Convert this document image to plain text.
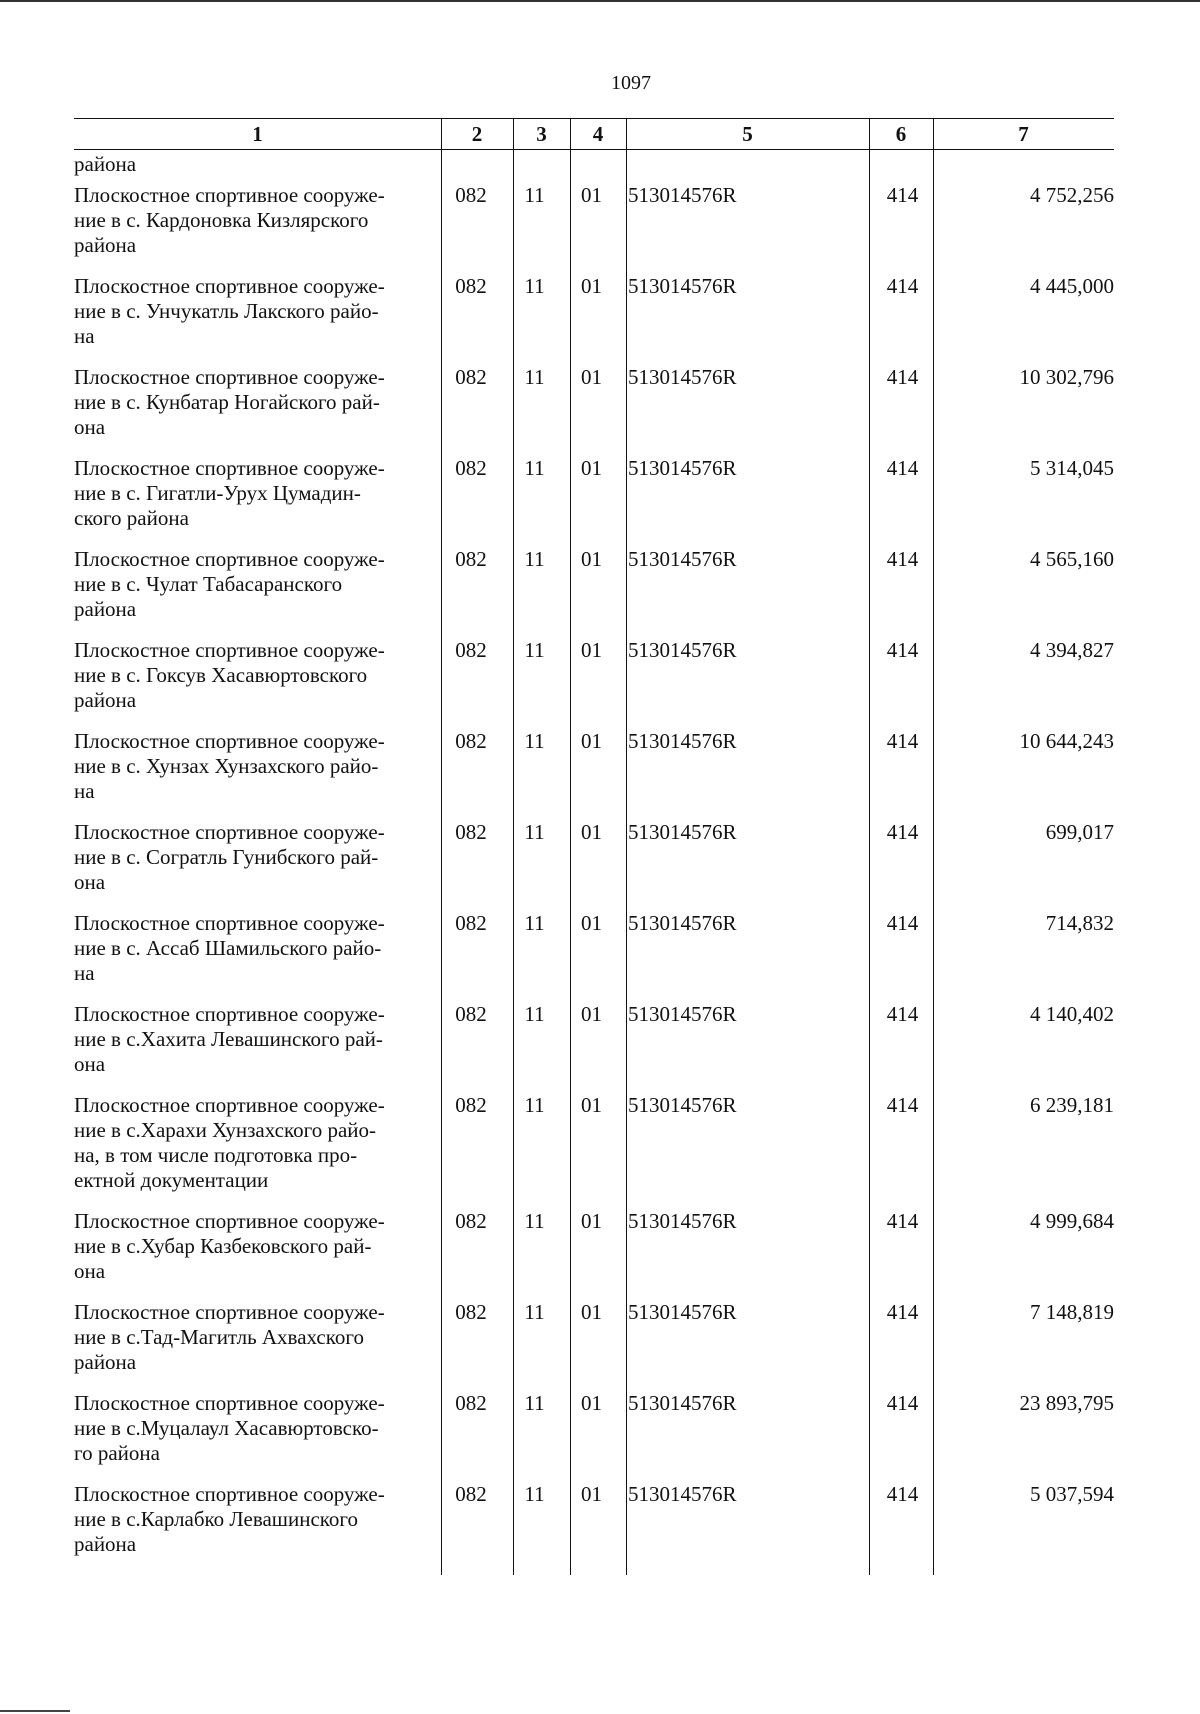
1097
1	2	3	4	5	6	7
района
Плоскостное спортивное сооруже-
ние в с. Кардоновка Кизлярского
района
082	11	01	513014576R	414	4 752,256
Плоскостное спортивное сооруже-
ние в с. Унчукатль Лакского райо-
на
082	11	01	513014576R	414	4 445,000
Плоскостное спортивное сооруже-
ние в с. Кунбатар Ногайского рай-
она
082	11	01	513014576R	414	10 302,796
Плоскостное спортивное сооруже-
ние в с. Гигатли-Урух Цумадин-
ского района
082	11	01	513014576R	414	5 314,045
Плоскостное спортивное сооруже-
ние в с. Чулат Табасаранского
района
082	11	01	513014576R	414	4 565,160
Плоскостное спортивное сооруже-
ние в с. Гоксув Хасавюртовского
района
082	11	01	513014576R	414	4 394,827
Плоскостное спортивное сооруже-
ние в с. Хунзах Хунзахского райо-
на
082	11	01	513014576R	414	10 644,243
Плоскостное спортивное сооруже-
ние в с. Согратль Гунибского рай-
она
082	11	01	513014576R	414	699,017
Плоскостное спортивное сооруже-
ние в с. Ассаб Шамильского райо-
на
082	11	01	513014576R	414	714,832
Плоскостное спортивное сооруже-
ние в с.Хахита Левашинского рай-
она
082	11	01	513014576R	414	4 140,402
Плоскостное спортивное сооруже-
ние в с.Харахи Хунзахского райо-
на, в том числе подготовка про-
ектной документации
082	11	01	513014576R	414	6 239,181
Плоскостное спортивное сооруже-
ние в с.Хубар Казбековского рай-
она
082	11	01	513014576R	414	4 999,684
Плоскостное спортивное сооруже-
ние в с.Тад-Магитль Ахвахского
района
082	11	01	513014576R	414	7 148,819
Плоскостное спортивное сооруже-
ние в с.Муцалаул Хасавюртовско-
го района
082	11	01	513014576R	414	23 893,795
Плоскостное спортивное сооруже-
ние в с.Карлабко Левашинского
района
082	11	01	513014576R	414	5 037,594
